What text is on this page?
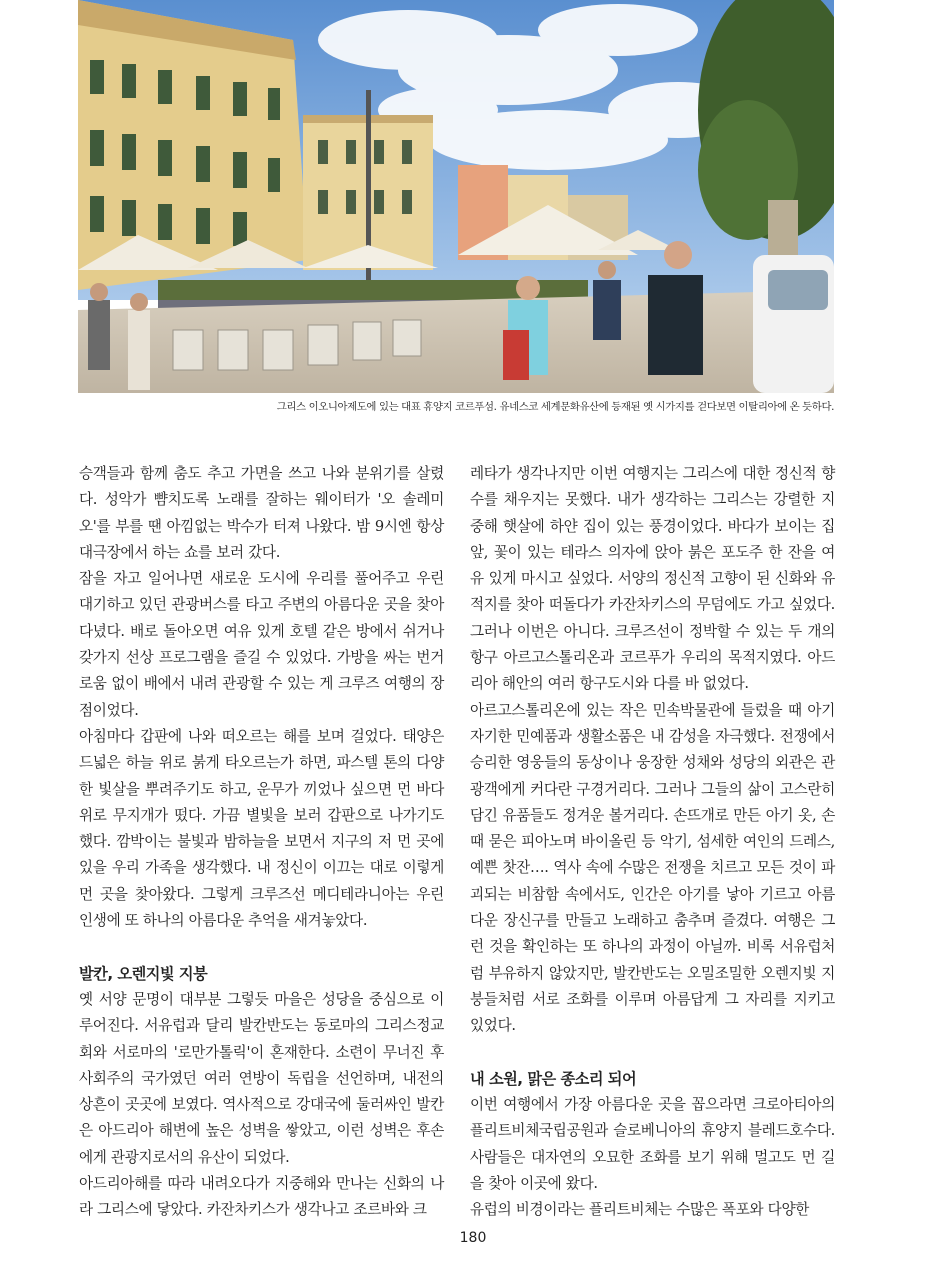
그리스 이오니아제도에 있는 대표 휴양지 코르푸섬. 유네스코 세계문화유산에 등재된 옛 시가지를 걷다보면 이탈리아에 온 듯하다.

승객들과 함께 춤도 추고 가면을 쓰고 나와 분위기를 살렸다. 성악가 뺨치도록 노래를 잘하는 웨이터가 '오 솔레미오'를 부를 땐 아낌없는 박수가 터져 나왔다. 밤 9시엔 항상 대극장에서 하는 쇼를 보러 갔다.

잠을 자고 일어나면 새로운 도시에 우리를 풀어주고 우린 대기하고 있던 관광버스를 타고 주변의 아름다운 곳을 찾아다녔다. 배로 돌아오면 여유 있게 호텔 같은 방에서 쉬거나 갖가지 선상 프로그램을 즐길 수 있었다. 가방을 싸는 번거로움 없이 배에서 내려 관광할 수 있는 게 크루즈 여행의 장점이었다.

아침마다 갑판에 나와 떠오르는 해를 보며 걸었다. 태양은 드넓은 하늘 위로 붉게 타오르는가 하면, 파스텔 톤의 다양한 빛살을 뿌려주기도 하고, 운무가 끼었나 싶으면 먼 바다 위로 무지개가 떴다. 가끔 별빛을 보러 갑판으로 나가기도 했다. 깜박이는 불빛과 밤하늘을 보면서 지구의 저 먼 곳에 있을 우리 가족을 생각했다. 내 정신이 이끄는 대로 이렇게 먼 곳을 찾아왔다. 그렇게 크루즈선 메디테라니아는 우린 인생에 또 하나의 아름다운 추억을 새겨놓았다.

발칸, 오렌지빛 지붕

옛 서양 문명이 대부분 그렇듯 마을은 성당을 중심으로 이루어진다. 서유럽과 달리 발칸반도는 동로마의 그리스정교회와 서로마의 '로만가톨릭'이 혼재한다. 소련이 무너진 후 사회주의 국가였던 여러 연방이 독립을 선언하며, 내전의 상흔이 곳곳에 보였다. 역사적으로 강대국에 둘러싸인 발칸은 아드리아 해변에 높은 성벽을 쌓았고, 이런 성벽은 후손에게 관광지로서의 유산이 되었다.

아드리아해를 따라 내려오다가 지중해와 만나는 신화의 나라 그리스에 닿았다. 카잔차키스가 생각나고 조르바와 크

레타가 생각나지만 이번 여행지는 그리스에 대한 정신적 향수를 채우지는 못했다. 내가 생각하는 그리스는 강렬한 지중해 햇살에 하얀 집이 있는 풍경이었다. 바다가 보이는 집 앞, 꽃이 있는 테라스 의자에 앉아 붉은 포도주 한 잔을 여유 있게 마시고 싶었다. 서양의 정신적 고향이 된 신화와 유적지를 찾아 떠돌다가 카잔차키스의 무덤에도 가고 싶었다. 그러나 이번은 아니다. 크루즈선이 정박할 수 있는 두 개의 항구 아르고스톨리온과 코르푸가 우리의 목적지였다. 아드리아 해안의 여러 항구도시와 다를 바 없었다.

아르고스톨리온에 있는 작은 민속박물관에 들렀을 때 아기자기한 민예품과 생활소품은 내 감성을 자극했다. 전쟁에서 승리한 영웅들의 동상이나 웅장한 성채와 성당의 외관은 관광객에게 커다란 구경거리다. 그러나 그들의 삶이 고스란히 담긴 유품들도 정겨운 볼거리다. 손뜨개로 만든 아기 옷, 손때 묻은 피아노며 바이올린 등 악기, 섬세한 여인의 드레스, 예쁜 찻잔…. 역사 속에 수많은 전쟁을 치르고 모든 것이 파괴되는 비참함 속에서도, 인간은 아기를 낳아 기르고 아름다운 장신구를 만들고 노래하고 춤추며 즐겼다. 여행은 그런 것을 확인하는 또 하나의 과정이 아닐까. 비록 서유럽처럼 부유하지 않았지만, 발칸반도는 오밀조밀한 오렌지빛 지붕들처럼 서로 조화를 이루며 아름답게 그 자리를 지키고 있었다.

내 소원, 맑은 종소리 되어

이번 여행에서 가장 아름다운 곳을 꼽으라면 크로아티아의 플리트비체국립공원과 슬로베니아의 휴양지 블레드호수다. 사람들은 대자연의 오묘한 조화를 보기 위해 멀고도 먼 길을 찾아 이곳에 왔다.

유럽의 비경이라는 플리트비체는 수많은 폭포와 다양한

180
